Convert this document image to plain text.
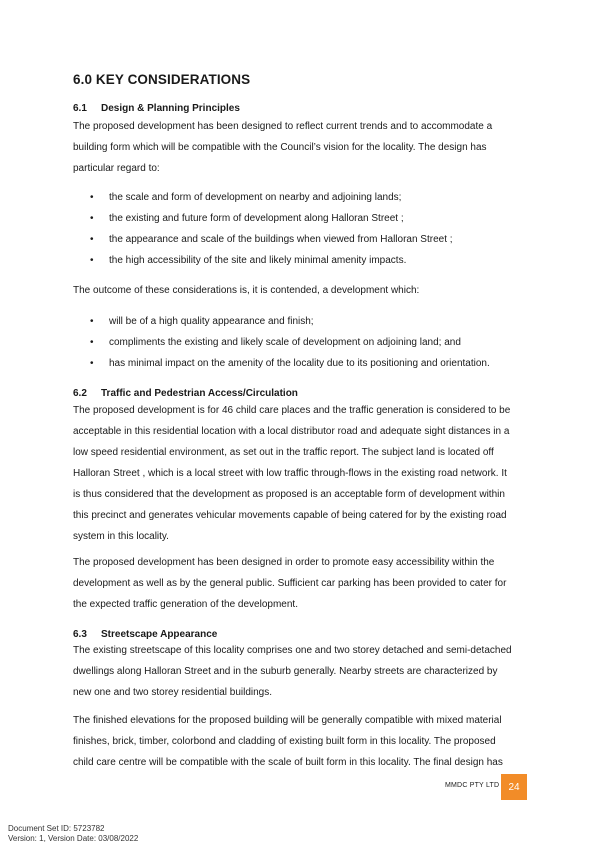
6.0 KEY CONSIDERATIONS
6.1 Design & Planning Principles

The proposed development has been designed to reflect current trends and to accommodate a
building form which will be compatible with the Council’s vision for the locality. The design has
particular regard to:

• the scale and form of development on nearby and adjoining lands;
• the existing and future form of development along Halloran Street ;
• the appearance and scale of the buildings when viewed from Halloran Street ;
• the high accessibility of the site and likely minimal amenity impacts.

The outcome of these considerations is, it is contended, a development which:

• will be of a high quality appearance and finish;
• compliments the existing and likely scale of development on adjoining land; and
• has minimal impact on the amenity of the locality due to its positioning and orientation.
6.2 Traffic and Pedestrian Access/Circulation

The proposed development is for 46 child care places and the traffic generation is considered to be
acceptable in this residential location with a local distributor road and adequate sight distances in a
low speed residential environment, as set out in the traffic report. The subject land is located off
Halloran Street , which is a local street with low traffic through-flows in the existing road network. It
is thus considered that the development as proposed is an acceptable form of development within
this precinct and generates vehicular movements capable of being catered for by the existing road
system in this locality.

The proposed development has been designed in order to promote easy accessibility within the
development as well as by the general public. Sufficient car parking has been provided to cater for
the expected traffic generation of the development.

6.3 Streetscape Appearance

The existing streetscape of this locality comprises one and two storey detached and semi-detached
dwellings along Halloran Street and in the suburb generally. Nearby streets are characterized by
new one and two storey residential buildings.

The finished elevations for the proposed building will be generally compatible with mixed material
finishes, brick, timber, colorbond and cladding of existing built form in this locality. The proposed
child care centre will be compatible with the scale of built form in this locality. The final design has

MMDC PTY LTD 24
Document Set ID: 5723782
Version: 1, Version Date: 03/08/2022
